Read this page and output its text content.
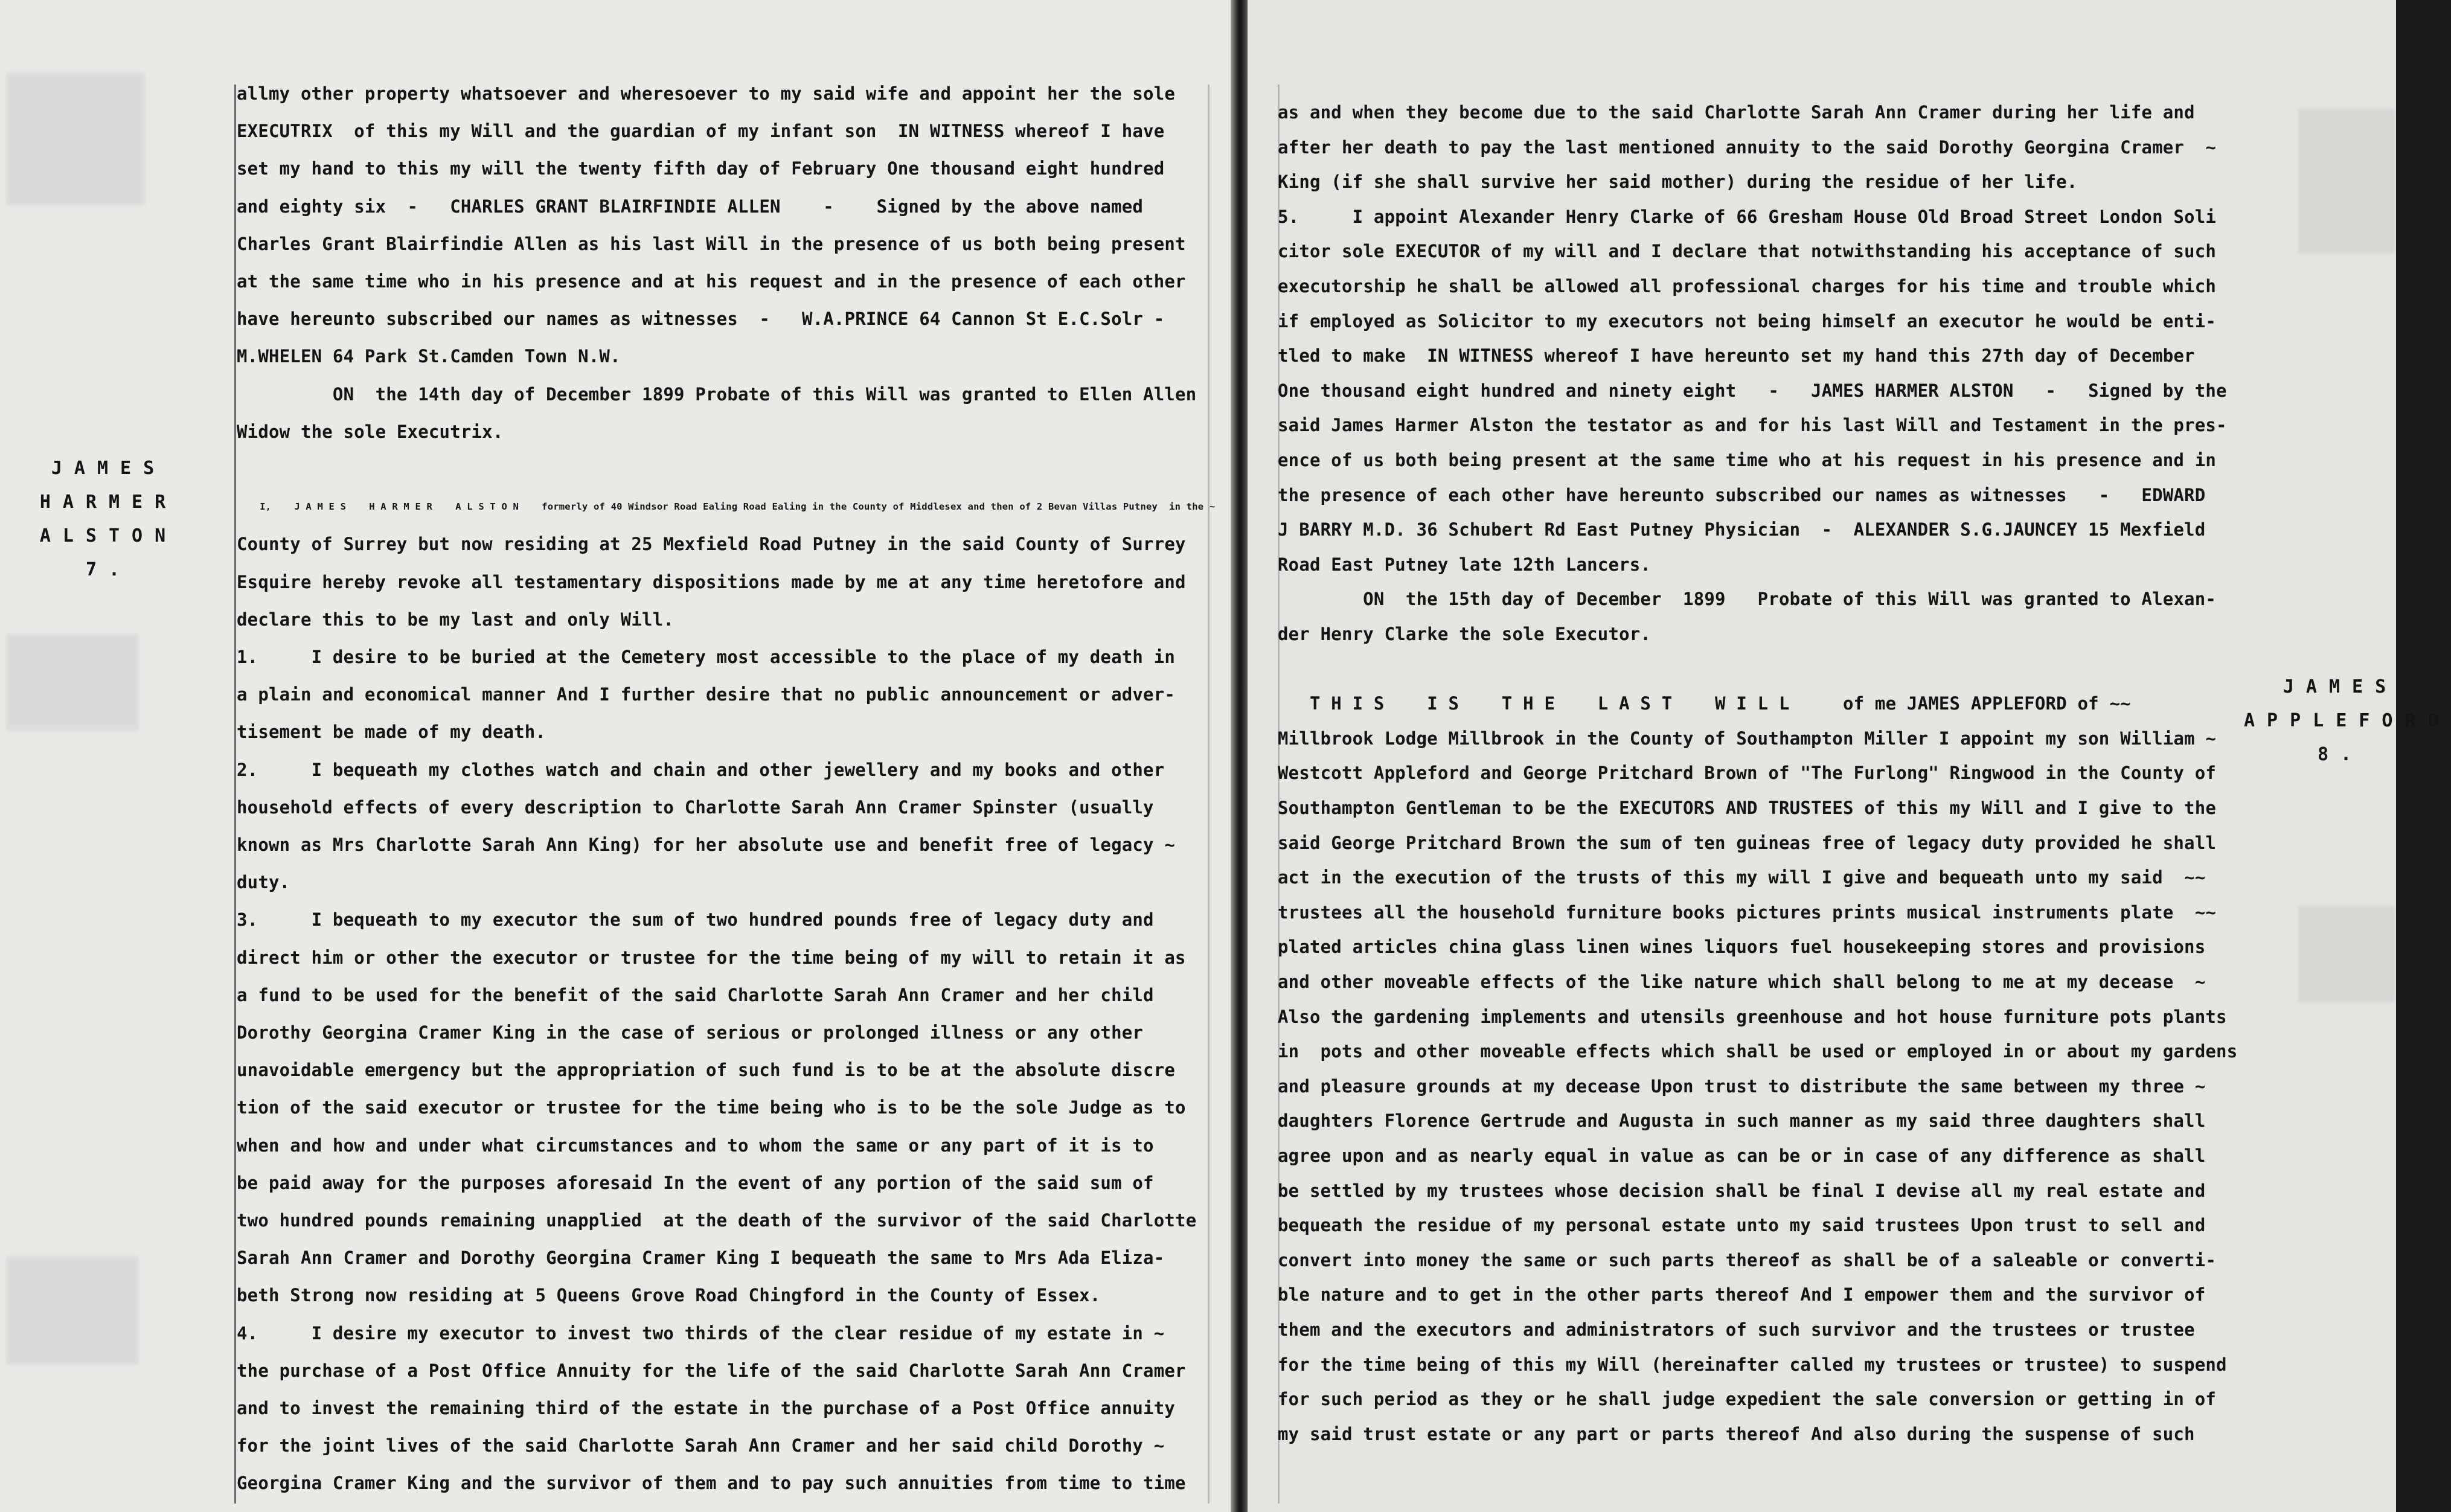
JAMES
HARMER
ALSTON
7.
allmy other property whatsoever and wheresoever to my said wife and appoint her the sole
EXECUTRIX  of this my Will and the guardian of my infant son  IN WITNESS whereof I have
set my hand to this my will the twenty fifth day of February One thousand eight hundred
and eighty six  -   CHARLES GRANT BLAIRFINDIE ALLEN    -    Signed by the above named
Charles Grant Blairfindie Allen as his last Will in the presence of us both being present
at the same time who in his presence and at his request and in the presence of each other
have hereunto subscribed our names as witnesses  -   W.A.PRINCE 64 Cannon St E.C.Solr -
M.WHELEN 64 Park St.Camden Town N.W.
ON  the 14th day of December 1899 Probate of this Will was granted to Ellen Allen
Widow the sole Executrix.
I,    J A M E S    H A R M E R    A L S T O N    formerly of 40 Windsor Road Ealing Road Ealing in the County of Middlesex and then of 2 Bevan Villas Putney  in the ~
County of Surrey but now residing at 25 Mexfield Road Putney in the said County of Surrey
Esquire hereby revoke all testamentary dispositions made by me at any time heretofore and
declare this to be my last and only Will.
1.     I desire to be buried at the Cemetery most accessible to the place of my death in
a plain and economical manner And I further desire that no public announcement or adver-
tisement be made of my death.
2.     I bequeath my clothes watch and chain and other jewellery and my books and other
household effects of every description to Charlotte Sarah Ann Cramer Spinster (usually
known as Mrs Charlotte Sarah Ann King) for her absolute use and benefit free of legacy ~
duty.
3.     I bequeath to my executor the sum of two hundred pounds free of legacy duty and
direct him or other the executor or trustee for the time being of my will to retain it as
a fund to be used for the benefit of the said Charlotte Sarah Ann Cramer and her child
Dorothy Georgina Cramer King in the case of serious or prolonged illness or any other
unavoidable emergency but the appropriation of such fund is to be at the absolute discre
tion of the said executor or trustee for the time being who is to be the sole Judge as to
when and how and under what circumstances and to whom the same or any part of it is to
be paid away for the purposes aforesaid In the event of any portion of the said sum of
two hundred pounds remaining unapplied  at the death of the survivor of the said Charlotte
Sarah Ann Cramer and Dorothy Georgina Cramer King I bequeath the same to Mrs Ada Eliza-
beth Strong now residing at 5 Queens Grove Road Chingford in the County of Essex.
4.     I desire my executor to invest two thirds of the clear residue of my estate in ~
the purchase of a Post Office Annuity for the life of the said Charlotte Sarah Ann Cramer
and to invest the remaining third of the estate in the purchase of a Post Office annuity
for the joint lives of the said Charlotte Sarah Ann Cramer and her said child Dorothy ~
Georgina Cramer King and the survivor of them and to pay such annuities from time to time
JAMES
APPLEFORD
8.
as and when they become due to the said Charlotte Sarah Ann Cramer during her life and
after her death to pay the last mentioned annuity to the said Dorothy Georgina Cramer  ~
King (if she shall survive her said mother) during the residue of her life.
5.     I appoint Alexander Henry Clarke of 66 Gresham House Old Broad Street London Soli
citor sole EXECUTOR of my will and I declare that notwithstanding his acceptance of such
executorship he shall be allowed all professional charges for his time and trouble which
if employed as Solicitor to my executors not being himself an executor he would be enti-
tled to make  IN WITNESS whereof I have hereunto set my hand this 27th day of December
One thousand eight hundred and ninety eight   -   JAMES HARMER ALSTON   -   Signed by the
said James Harmer Alston the testator as and for his last Will and Testament in the pres-
ence of us both being present at the same time who at his request in his presence and in
the presence of each other have hereunto subscribed our names as witnesses   -   EDWARD
J BARRY M.D. 36 Schubert Rd East Putney Physician  -  ALEXANDER S.G.JAUNCEY 15 Mexfield
Road East Putney late 12th Lancers.
ON  the 15th day of December  1899   Probate of this Will was granted to Alexan-
der Henry Clarke the sole Executor.
T H I S    I S    T H E    L A S T    W I L L     of me JAMES APPLEFORD of ~~
Millbrook Lodge Millbrook in the County of Southampton Miller I appoint my son William ~
Westcott Appleford and George Pritchard Brown of "The Furlong" Ringwood in the County of
Southampton Gentleman to be the EXECUTORS AND TRUSTEES of this my Will and I give to the
said George Pritchard Brown the sum of ten guineas free of legacy duty provided he shall
act in the execution of the trusts of this my will I give and bequeath unto my said  ~~
trustees all the household furniture books pictures prints musical instruments plate  ~~
plated articles china glass linen wines liquors fuel housekeeping stores and provisions
and other moveable effects of the like nature which shall belong to me at my decease  ~
Also the gardening implements and utensils greenhouse and hot house furniture pots plants
in  pots and other moveable effects which shall be used or employed in or about my gardens
and pleasure grounds at my decease Upon trust to distribute the same between my three ~
daughters Florence Gertrude and Augusta in such manner as my said three daughters shall
agree upon and as nearly equal in value as can be or in case of any difference as shall
be settled by my trustees whose decision shall be final I devise all my real estate and
bequeath the residue of my personal estate unto my said trustees Upon trust to sell and
convert into money the same or such parts thereof as shall be of a saleable or converti-
ble nature and to get in the other parts thereof And I empower them and the survivor of
them and the executors and administrators of such survivor and the trustees or trustee
for the time being of this my Will (hereinafter called my trustees or trustee) to suspend
for such period as they or he shall judge expedient the sale conversion or getting in of
my said trust estate or any part or parts thereof And also during the suspense of such
